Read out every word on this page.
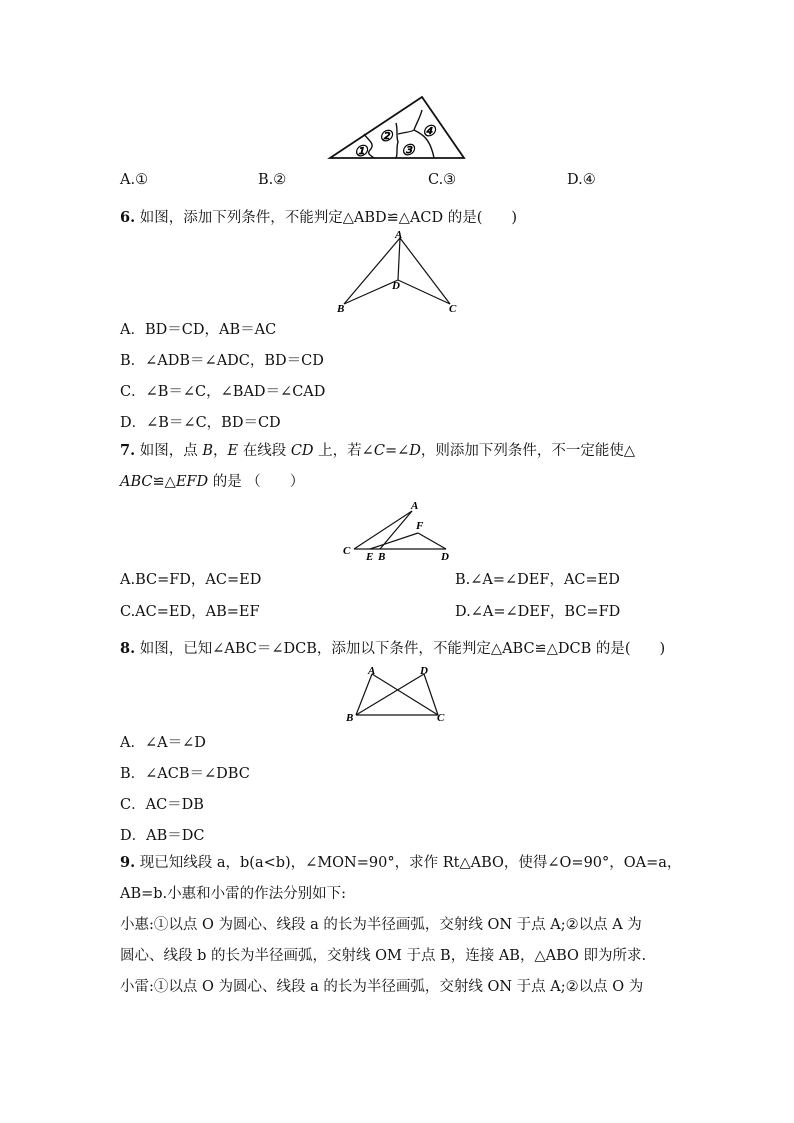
①
②
③
④
A.①	B.②	C.③	D.④
6. 如图，添加下列条件，不能判定△ABD≌△ACD 的是(　　)
A
D
B	C
A．BD＝CD，AB＝AC
B．∠ADB＝∠ADC，BD＝CD
C．∠B＝∠C，∠BAD＝∠CAD
D．∠B＝∠C，BD＝CD
7. 如图，点 B，E 在线段 CD 上，若∠C=∠D，则添加下列条件，不一定能使△
ABC≌△EFD 的是 （　　）
A
F
C E B	D
A.BC=FD，AC=ED	B.∠A=∠DEF，AC=ED
C.AC=ED，AB=EF	D.∠A=∠DEF，BC=FD
8. 如图，已知∠ABC＝∠DCB，添加以下条件，不能判定△ABC≌△DCB 的是(　　)
A	D
B	C
A．∠A＝∠D
B．∠ACB＝∠DBC
C．AC＝DB
D．AB＝DC
9. 现已知线段 a，b(a<b)，∠MON=90°，求作 Rt△ABO，使得∠O=90°，OA=a，
AB=b.小惠和小雷的作法分别如下:
小惠:①以点 O 为圆心、线段 a 的长为半径画弧，交射线 ON 于点 A;②以点 A 为
圆心、线段 b 的长为半径画弧，交射线 OM 于点 B，连接 AB，△ABO 即为所求.
小雷:①以点 O 为圆心、线段 a 的长为半径画弧，交射线 ON 于点 A;②以点 O 为
